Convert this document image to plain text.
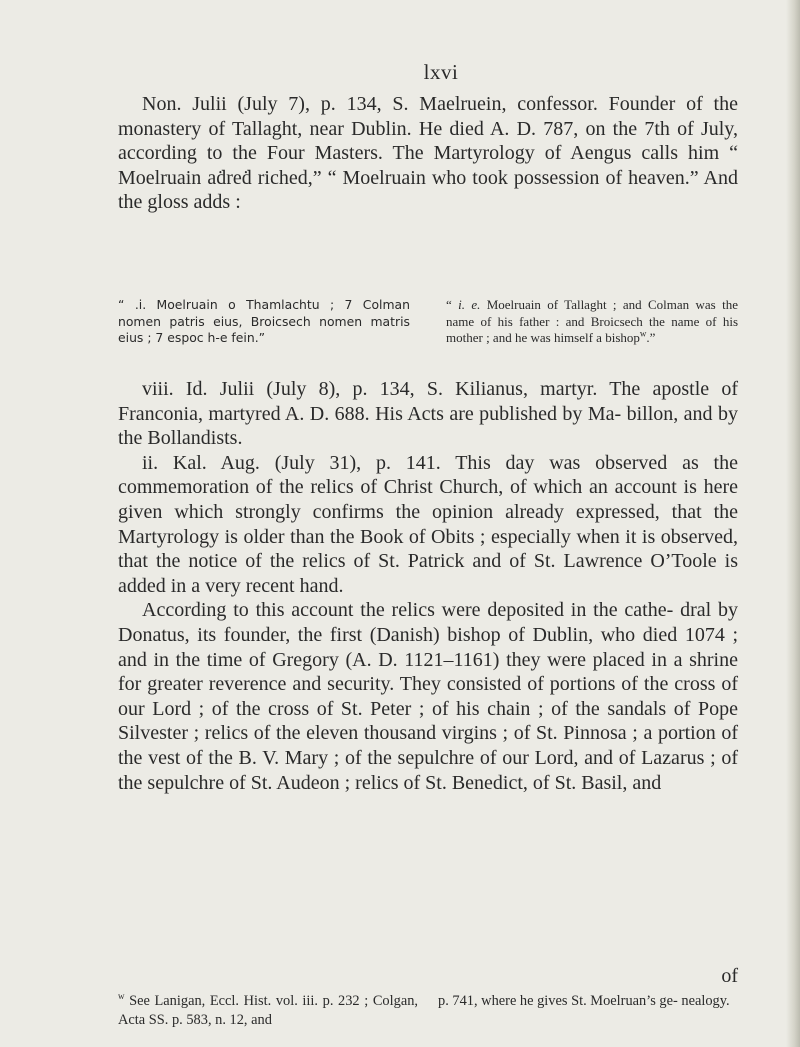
lxvi

Non. Julii (July 7), p. 134, S. Maelruein, confessor. Founder of the monastery of Tallaght, near Dublin. He died A. D. 787, on the 7th of July, according to the Four Masters. The Martyrology of Aengus calls him “ Moelruain aḋreḋ riched,” “ Moelruain who took possession of heaven.” And the gloss adds :

“ .i. Moelruain o Thamlachtu ; 7 Colman nomen patris eius, Broicsech nomen matris eius ; 7 espoc h-e fein.”
“ i. e. Moelruain of Tallaght ; and Colman was the name of his father : and Broicsech the name of his mother ; and he was himself a bishop$^w$.”

viii. Id. Julii (July 8), p. 134, S. Kilianus, martyr. The apostle of Franconia, martyred A. D. 688. His Acts are published by Ma- billon, and by the Bollandists.

ii. Kal. Aug. (July 31), p. 141. This day was observed as the commemoration of the relics of Christ Church, of which an account is here given which strongly confirms the opinion already expressed, that the Martyrology is older than the Book of Obits ; especially when it is observed, that the notice of the relics of St. Patrick and of St. Lawrence O’Toole is added in a very recent hand.

According to this account the relics were deposited in the cathe- dral by Donatus, its founder, the first (Danish) bishop of Dublin, who died 1074 ; and in the time of Gregory (A. D. 1121–1161) they were placed in a shrine for greater reverence and security. They consisted of portions of the cross of our Lord ; of the cross of St. Peter ; of his chain ; of the sandals of Pope Silvester ; relics of the eleven thousand virgins ; of St. Pinnosa ; a portion of the vest of the B. V. Mary ; of the sepulchre of our Lord, and of Lazarus ; of the sepulchre of St. Audeon ; relics of St. Benedict, of St. Basil, and

of
$^w$ See Lanigan, Eccl. Hist. vol. iii. p. 232 ; Colgan, Acta SS. p. 583, n. 12, and
p. 741, where he gives St. Moelruan’s ge- nealogy.
